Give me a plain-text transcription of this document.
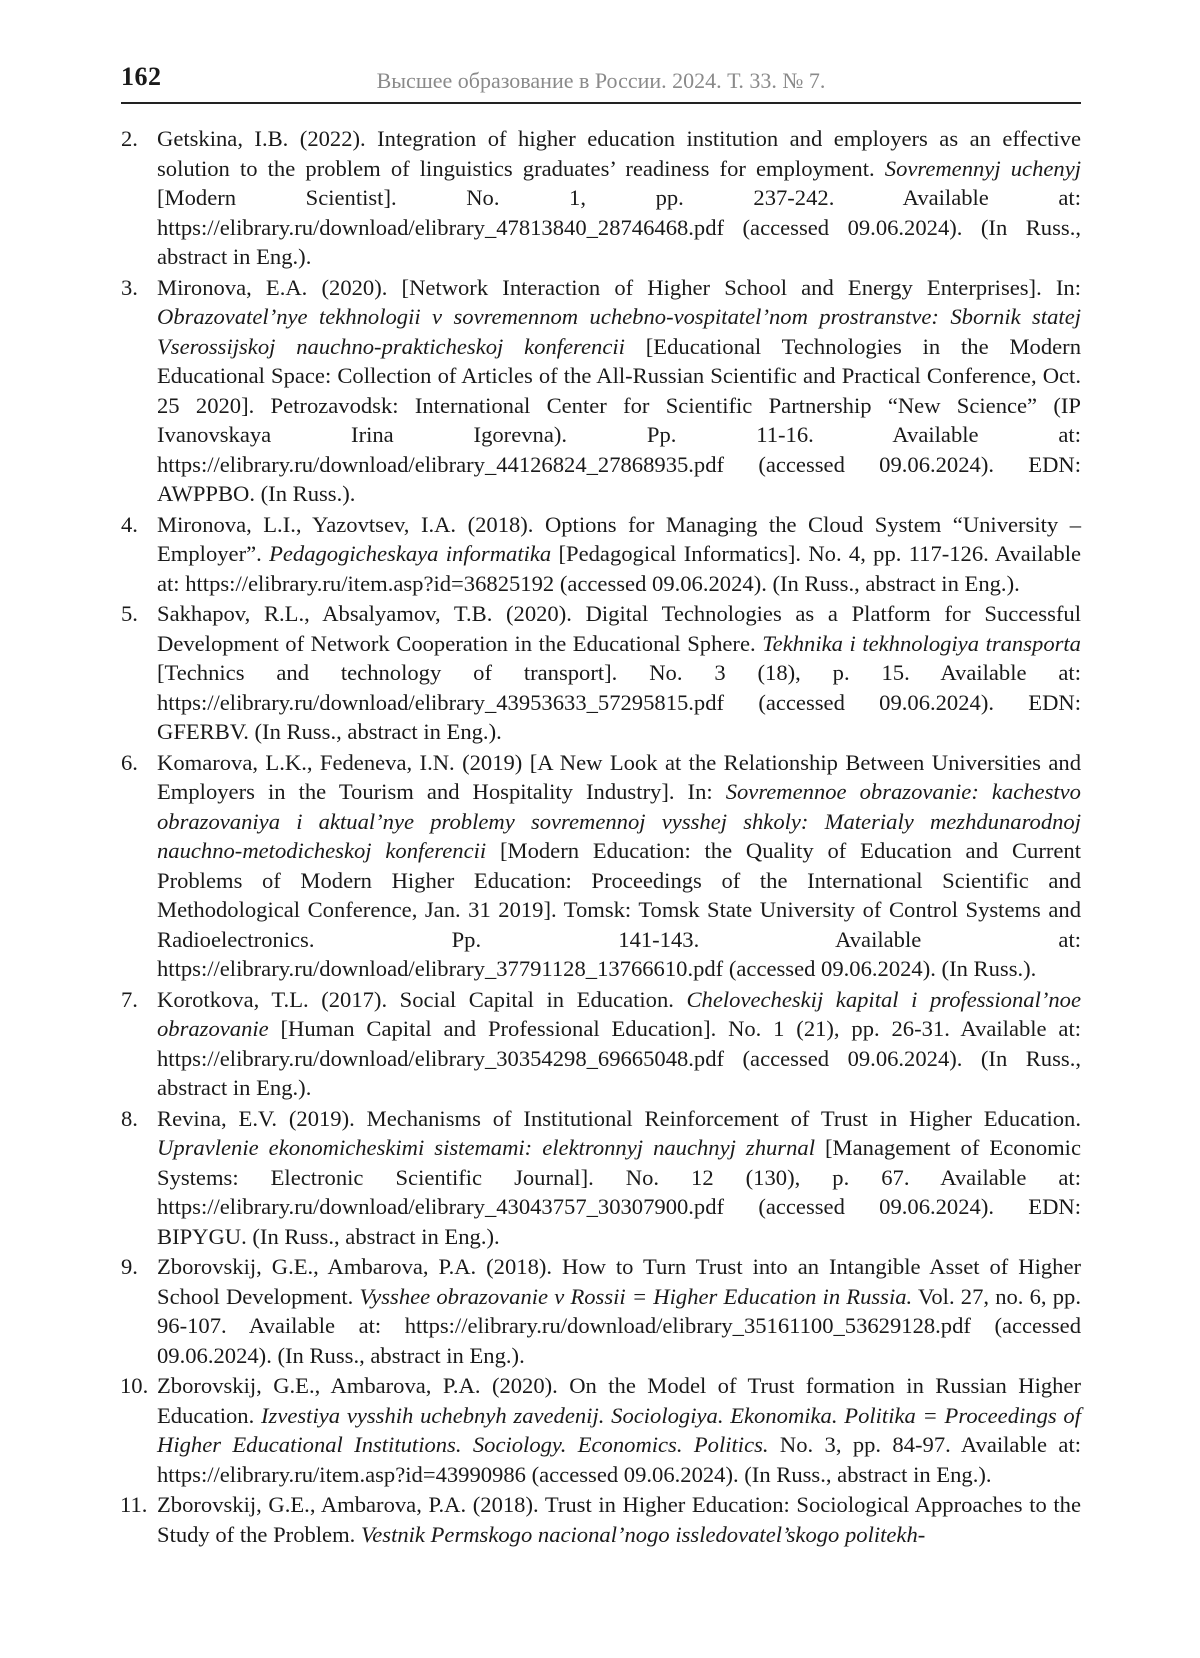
162	Высшее образование в России. 2024. Т. 33. № 7.
2. Getskina, I.B. (2022). Integration of higher education institution and employers as an effective solution to the problem of linguistics graduates’ readiness for employment. Sovremennyj uchenyj [Modern Scientist]. No. 1, pp. 237-242. Available at: https://elibrary.ru/download/elibrary_47813840_28746468.pdf (accessed 09.06.2024). (In Russ., abstract in Eng.).
3. Mironova, E.A. (2020). [Network Interaction of Higher School and Energy Enterprises]. In: Obrazovatel’nye tekhnologii v sovremennom uchebno-vospitatel’nom prostranstve: Sbornik statej Vserossijskoj nauchno-prakticheskoj konferencii [Educational Technologies in the Modern Educational Space: Collection of Articles of the All-Russian Scientific and Practical Conference, Oct. 25 2020]. Petrozavodsk: International Center for Scientific Partnership “New Science” (IP Ivanovskaya Irina Igorevna). Pp. 11-16. Available at: https://elibrary.ru/download/elibrary_44126824_27868935.pdf (accessed 09.06.2024). EDN: AWPPBO. (In Russ.).
4. Mironova, L.I., Yazovtsev, I.A. (2018). Options for Managing the Cloud System “University – Employer”. Pedagogicheskaya informatika [Pedagogical Informatics]. No. 4, pp. 117-126. Available at: https://elibrary.ru/item.asp?id=36825192 (accessed 09.06.2024). (In Russ., abstract in Eng.).
5. Sakhapov, R.L., Absalyamov, T.B. (2020). Digital Technologies as a Platform for Successful Development of Network Cooperation in the Educational Sphere. Tekhnika i tekhnologiya transporta [Technics and technology of transport]. No. 3 (18), p. 15. Available at: https://elibrary.ru/download/elibrary_43953633_57295815.pdf (accessed 09.06.2024). EDN: GFERBV. (In Russ., abstract in Eng.).
6. Komarova, L.K., Fedeneva, I.N. (2019) [A New Look at the Relationship Between Universities and Employers in the Tourism and Hospitality Industry]. In: Sovremennoe obrazovanie: kachestvo obrazovaniya i aktual’nye problemy sovremennoj vysshej shkoly: Materialy mezhdunarodnoj nauchno-metodicheskoj konferencii [Modern Education: the Quality of Education and Current Problems of Modern Higher Education: Proceedings of the International Scientific and Methodological Conference, Jan. 31 2019]. Tomsk: Tomsk State University of Control Systems and Radioelectronics. Pp. 141-143. Available at: https://elibrary.ru/download/elibrary_37791128_13766610.pdf (accessed 09.06.2024). (In Russ.).
7. Korotkova, T.L. (2017). Social Capital in Education. Chelovecheskij kapital i professional’noe obrazovanie [Human Capital and Professional Education]. No. 1 (21), pp. 26-31. Available at: https://elibrary.ru/download/elibrary_30354298_69665048.pdf (accessed 09.06.2024). (In Russ., abstract in Eng.).
8. Revina, E.V. (2019). Mechanisms of Institutional Reinforcement of Trust in Higher Education. Upravlenie ekonomicheskimi sistemami: elektronnyj nauchnyj zhurnal [Management of Economic Systems: Electronic Scientific Journal]. No. 12 (130), p. 67. Available at: https://elibrary.ru/download/elibrary_43043757_30307900.pdf (accessed 09.06.2024). EDN: BIPYGU. (In Russ., abstract in Eng.).
9. Zborovskij, G.E., Ambarova, P.A. (2018). How to Turn Trust into an Intangible Asset of Higher School Development. Vysshee obrazovanie v Rossii = Higher Education in Russia. Vol. 27, no. 6, pp. 96-107. Available at: https://elibrary.ru/download/elibrary_35161100_53629128.pdf (accessed 09.06.2024). (In Russ., abstract in Eng.).
10. Zborovskij, G.E., Ambarova, P.A. (2020). On the Model of Trust formation in Russian Higher Education. Izvestiya vysshih uchebnyh zavedenij. Sociologiya. Ekonomika. Politika = Proceedings of Higher Educational Institutions. Sociology. Economics. Politics. No. 3, pp. 84-97. Available at: https://elibrary.ru/item.asp?id=43990986 (accessed 09.06.2024). (In Russ., abstract in Eng.).
11. Zborovskij, G.E., Ambarova, P.A. (2018). Trust in Higher Education: Sociological Approaches to the Study of the Problem. Vestnik Permskogo nacional’nogo issledovatel’skogo politekh-
